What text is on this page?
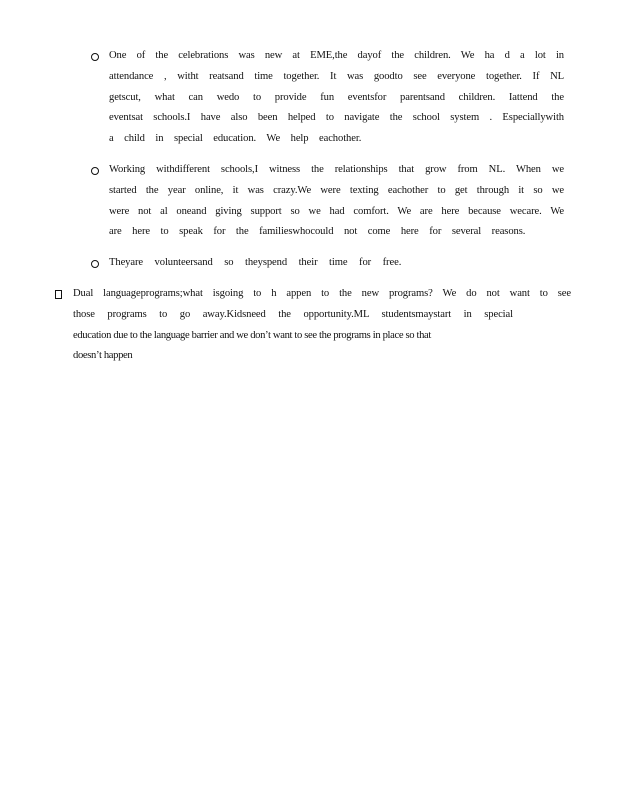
One of the celebrations was new at EME,the dayof the children. We ha d a lot in
attendance , witht reatsand time together. It was goodto see everyone together. If NL
getscut, what can wedo to provide fun eventsfor parentsand children. Iattend the
eventsat schools.I have also been helped to navigate the school system . Especiallywith
a child in special education. We help eachother.
Working withdifferent schools,I witness the relationships that grow from NL. When we
started the year online, it was crazy.We were texting eachother to get through it so we
were not al oneand giving support so we had comfort. We are here because wecare. We
are here to speak for the familieswhocould not come here for several reasons.
Theyare volunteersand so theyspend their time for free.
Dual languageprograms;what isgoing to h appen to the new programs? We do not want to see
those programs to go away.Kidsneed the opportunity.ML studentsmaystart in special
education due to the language barrier and we don’t want to see the programs in place so that
doesn’t happen
